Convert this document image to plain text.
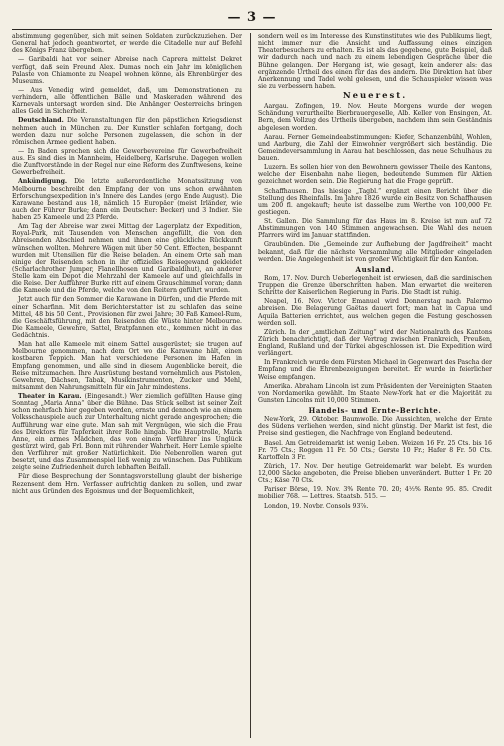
— 3 —

abstimmung gegenüber, sich mit seinen Soldaten zurückzuziehen. Der General hat jedoch geantwortet, er werde die Citadelle nur auf Befehl des Königs Franz übergeben.

— Garibaldi hat vor seiner Abreise nach Caprera mittelst Dekret verfügt, daß sein Freund Alex. Dumas noch ein Jahr im königlichen Palaste von Chiamonte zu Neapel wohnen könne, als Ehrenbürger des Museums.

— Aus Venedig wird gemeldet, daß, um Demonstrationen zu verhindern, alle öffentlichen Bälle und Maskeraden während des Karnevals untersagt worden sind. Die Anhänger Oesterreichs bringen alles Geld in Sicherheit.

Deutschland. Die Veranstaltungen für den päpstlichen Kriegsdienst nehmen auch in München zu. Der Kunstler schlafen fortgang, doch werden dazu nur solche Personen zugelassen, die schon in der römischen Armee gedient haben.

— In Baden sprechen sich die Gewerbevereine für Gewerbefreiheit aus. Es sind dies in Mannheim, Heidelberg, Karlsruhe. Dagegen wollen die Zunftvorstände in der Regel nur eine Reform des Zunftwesens, keine Gewerbefreiheit.

Ankündigung. Die letzte außerordentliche Monatssitzung von Melbourne beschreibt den Empfang der von uns schon erwähnten Erforschungsexpedition in's Innere des Landes (ergo Ende August). Die Karawane bestand aus 18, nämlich 15 Europäer (meist Irländer, wie auch der Führer Burke; dann ein Deutscher: Becker) und 3 Indier. Sie haben 25 Kameele und 23 Pferde.

Am Tag der Abreise war zwei Mittag der Lagerplatz der Expedition, Royal-Park, mit Tausenden von Menschen angefüllt, die von den Abreisenden Abschied nehmen und ihnen eine glückliche Rückkunft wünschen wollten. Mehrere Wägen mit über 50 Cent. Effecten, bespannt wurden mit Utensilien für die Reise beladen. An einem Orte sah man einige der Reisenden schon in ihr offizielles Reisegewand gekleidet (Scharlachrother Jumper, Flanellhosen und Garibaldihut), an anderer Stelle kam ein Depot die Mehrzahl der Kameele auf und gleichfalls in die Reise. Der Aufführer Burke ritt auf einem Grauschimmel voran; dann die Kameele und die Pferde, welche von den Reitern geführt wurden.

Jetzt auch für den Sommer die Karawane in Dürfen, und die Pferde mit einer Scharfinn. Mit dem Berichterstatter ist zu schlafen das seine Mittel, 48 bis 50 Cent., Provisionen für zwei Jahre; 30 Faß Kameel-Rum, die Geschäftsführung, mit den Reisenden die Wüste hinter Melbourne. Die Kameele, Gewehre, Sattel, Bratpfannen etc., kommen nicht in das Gedächtnis.

Man hat alle Kameele mit einem Sattel ausgerüstet; sie trugen auf Melbourne genommen, nach dem Ort wo die Karawane hält, einen kostbaren Teppich. Man hat verschiedene Personen im Hafen in Empfang genommen, und alle sind in diesem Augenblicke bereit, die Reise mitzumachen. Ihre Ausrüstung bestand vornehmlich aus Pistolen, Gewehren, Dächsen, Tabak, Musikinstrumenten, Zucker und Mehl, mitsammt den Nahrungsmitteln für ein Jahr mindestens.

Theater in Karau. (Eingesandt.) Wer ziemlich gefüllten Hause ging Sonntag „Maria Anna“ über die Bühne. Das Stück selbst ist seiner Zeit schon mehrfach hier gegeben worden, ernste und dennoch wie an einem Volksschauspiele auch zur Unterhaltung nicht gerade angesprochen; die Aufführung war eine gute. Man sah mit Vergnügen, wie sich die Frau des Direktors für Tapferkeit ihrer Rolle hingab. Die Hauptrolle, Maria Anne, ein armes Mädchen, das von einem Verführer ins Unglück gestürzt wird, gab Frl. Bonn mit rührender Wahrheit. Herr Lemle spielte den Verführer mit großer Natürlichkeit. Die Nebenrollen waren gut besetzt, und das Zusammenspiel ließ wenig zu wünschen. Das Publikum zeigte seine Zufriedenheit durch lebhaften Beifall.

Für diese Besprechung der Sonntagsvorstellung glaubt der bisherige Rezensent dem Hrn. Verfasser aufrichtig danken zu sollen, und zwar nicht aus Gründen des Egoismus und der Bequemlichkeit,

sondern weil es im Interesse des Kunstinstitutes wie des Publikums liegt, nicht immer nur die Ansicht und Auffassung eines einzigen Theaterbesuchers zu erhalten. Es ist als das gegebene, gute Beispiel, daß wir dadurch nach und nach zu einem lebendigen Gespräche über die Bühne gelangen. Der Hergang ist, wie gesagt, kein anderer als: das ergänzende Urtheil des einen für das des andern. Die Direktion hat über Anerkennung und Tadel wohl gelesen, und die Schauspieler wissen was sie zu verbessern haben.

Neuerest.

Aargau. Zofingen, 19. Nov. Heute Morgens wurde der wegen Schändung verurtheilte Bierbrauergeselle, Alb. Keller von Ensingen, At. Bern, dem Vollzug des Urtheils übergeben, nachdem ihm sein Geständnis abgelesen worden.

Aarau. Ferner Gemeindeabstimmungen: Kiefer, Schanzenbühl, Wohlen, und Aarburg, die Zahl der Einwohner vergrößert sich beständig. Die Gemeindeversammlung in Aarau hat beschlossen, das neue Schulhaus zu bauen.

Luzern. Es sollen hier von den Bewohnern gewisser Theile des Kantons, welche der Eisenbahn nahe liegen, bedeutende Summen für Aktien gezeichnet worden sein. Die Regierung hat die Frage geprüft.

Schaffhausen. Das hiesige „Tagbl.“ ergänzt einen Bericht über die Stellung des Rheinfalls. Im Jahre 1826 wurde ein Besitz von Schaffhausen um 200 fl. angekauft; heute ist dasselbe zum Werthe von 100,000 Fr. gestiegen.

St. Gallen. Die Sammlung für das Haus im 8. Kreise ist nun auf 72 Abstimmungen von 140 Stimmen angewachsen. Die Wahl des neuen Pfarrers wird im Januar stattfinden.

Graubünden. Die „Gemeinde zur Aufhebung der Jagdfreiheit“ macht bekannt, daß für die nächste Versammlung alle Mitglieder eingeladen werden. Die Angelegenheit ist von großer Wichtigkeit für den Kanton.

Ausland.

Rom, 17. Nov. Durch Ueberlegenheit ist erwiesen, daß die sardinischen Truppen die Grenze überschritten haben. Man erwartet die weiteren Schritte der Kaiserlichen Regierung in Paris. Die Stadt ist ruhig.

Neapel, 16. Nov. Victor Emanuel wird Donnerstag nach Palermo abreisen. Die Belagerung Gaëtas dauert fort; man hat in Capua und Aquila Batterien errichtet, aus welchen gegen die Festung geschossen werden soll.

Zürich. In der „amtlichen Zeitung“ wird der Nationalrath des Kantons Zürich benachrichtigt, daß der Vertrag zwischen Frankreich, Preußen, England, Rußland und der Türkei abgeschlossen ist. Die Expedition wird verlängert.

In Frankreich wurde dem Fürsten Michael in Gegenwart des Pascha der Empfang und die Ehrenbezeigungen bereitet. Er wurde in feierlicher Weise empfangen.

Amerika. Abraham Lincoln ist zum Präsidenten der Vereinigten Staaten von Nordamerika gewählt. Im Staate New-York hat er die Majorität zu Gunsten Lincolns mit 10,000 Stimmen.

Handels- und Ernte-Berichte.

New-York, 29. Oktober. Baumwolle. Die Aussichten, welche der Ernte des Südens verliehen werden, sind nicht günstig. Der Markt ist fest, die Preise sind gestiegen, die Nachfrage von England bedeutend.

Basel. Am Getreidemarkt ist wenig Leben. Weizen 16 Fr. 25 Cts. bis 16 Fr. 75 Cts.; Roggen 11 Fr. 50 Cts.; Gerste 10 Fr.; Hafer 8 Fr. 50 Cts. Kartoffeln 3 Fr.

Zürich, 17. Nov. Der heutige Getreidemarkt war belebt. Es wurden 12,000 Säcke angeboten, die Preise blieben unverändert. Butter 1 Fr. 20 Cts.; Käse 70 Cts.

Pariser Börse, 19. Nov. 3% Rente 70. 20; 4½% Rente 95. 85. Credit mobilier 768. — Lettres. Staatsb. 515. —

London, 19. Novbr. Consols 93⅞.
